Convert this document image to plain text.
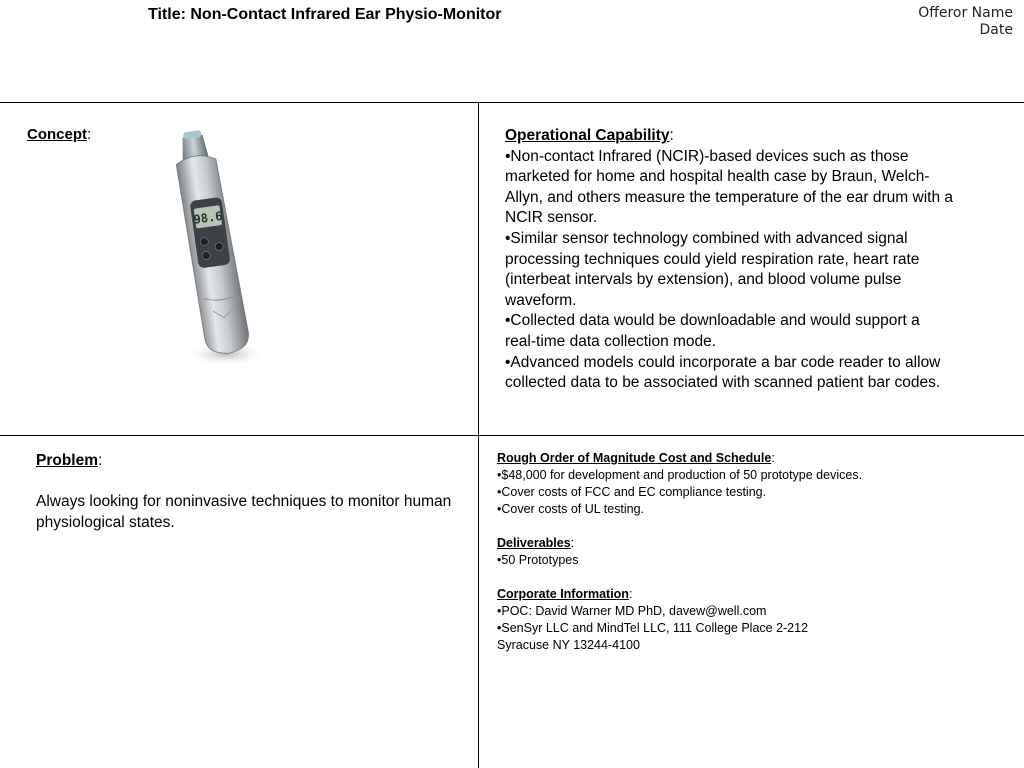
Title: Non-Contact Infrared Ear Physio-Monitor	Offeror Name
Date
Concept:
98.6

Operational Capability:

•Non-contact Infrared (NCIR)-based devices such as those marketed for home and hospital health case by Braun, Welch-Allyn, and others measure the temperature of the ear drum with a NCIR sensor.

•Similar sensor technology combined with advanced signal processing techniques could yield respiration rate, heart rate (interbeat intervals by extension), and blood volume pulse waveform.

•Collected data would be downloadable and would support a real-time data collection mode.

•Advanced models could incorporate a bar code reader to allow collected data to be associated with scanned patient bar codes.

Problem:

Always looking for noninvasive techniques to monitor human physiological states.

Rough Order of Magnitude Cost and Schedule:

•$48,000 for development and production of 50 prototype devices.

•Cover costs of FCC and EC compliance testing.

•Cover costs of UL testing.

Deliverables:

•50 Prototypes

Corporate Information:

•POC: David Warner MD PhD, davew@well.com

•SenSyr LLC and MindTel LLC, 111 College Place 2-212

Syracuse NY 13244-4100
